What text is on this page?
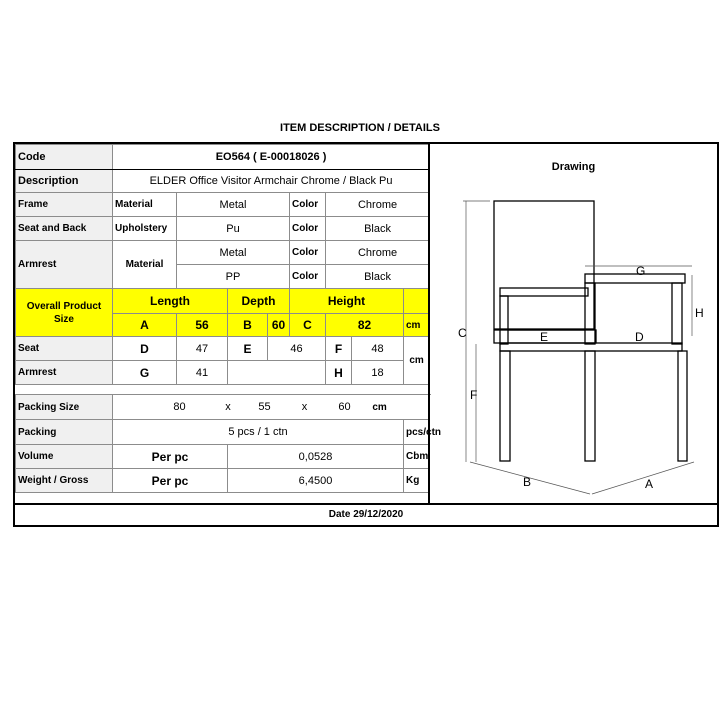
ITEM DESCRIPTION / DETAILS
Code	EO564 ( E-00018026 )							
Description	ELDER Office Visitor Armchair Chrome / Black Pu							
Frame	Material	Metal			Color	Chrome		
Seat and Back	Upholstery	Pu			Color	Black		
Armrest	Material	Metal			Color	Chrome		
		PP			Color	Black		
Overall Product Size	Length		Depth		Height			
	A	56	B	60	C	82		cm
Seat	D	47	E	46		F	48	cm
Armrest	G	41				H	18	

Packing Size	80 x 55 x 60 cm							
Packing	5 pcs / 1 ctn							pcs/ctn
Volume	Per pc		0,0528					Cbm
Weight / Gross	Per pc		6,4500					Kg
Drawing
C
F
B	A
G
H
E	D
Date 29/12/2020
